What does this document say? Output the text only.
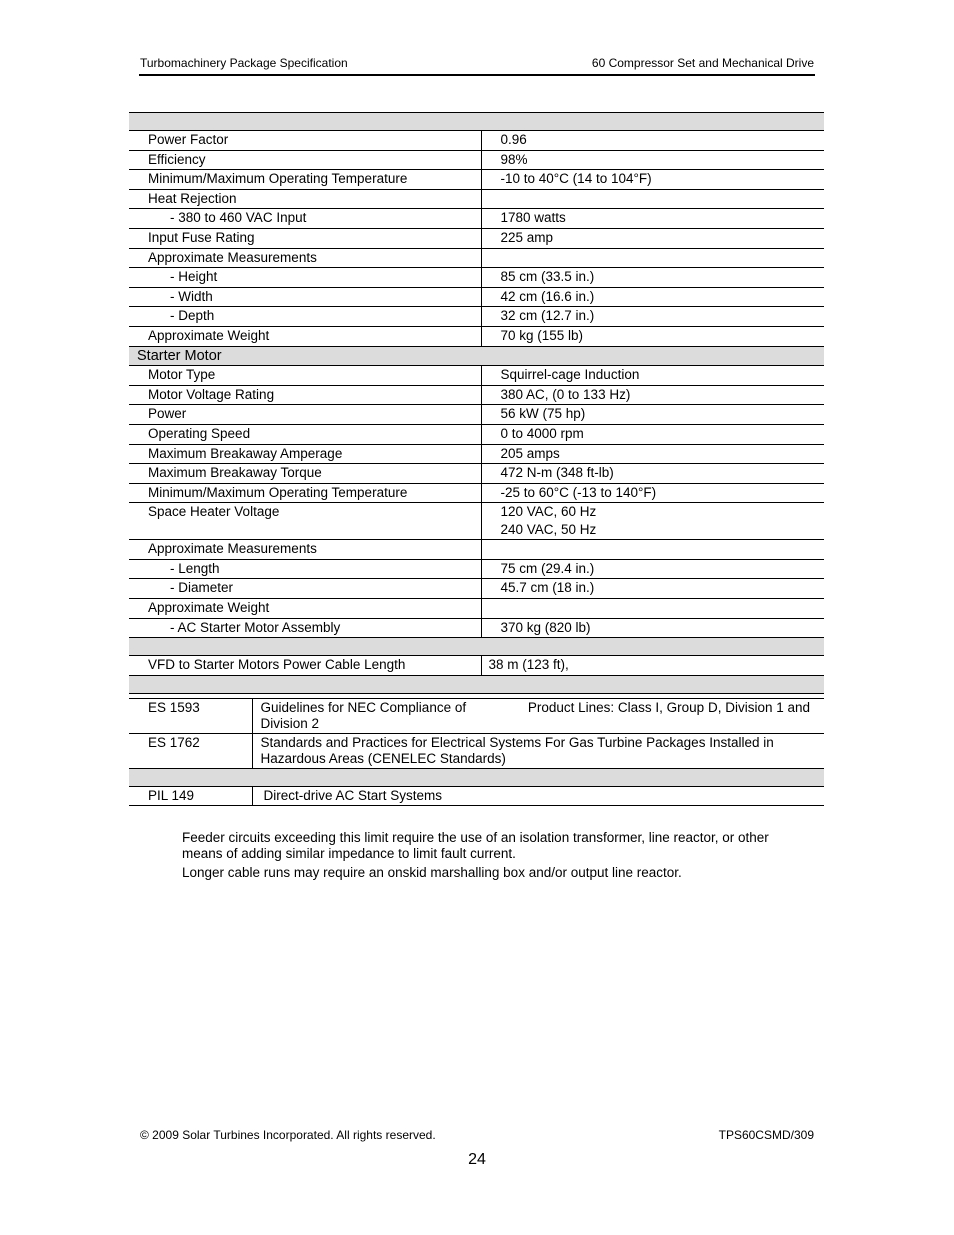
Turbomachinery Package Specification	60 Compressor Set and Mechanical Drive

Power Factor	0.96
Efficiency	98%
Minimum/Maximum Operating Temperature	-10 to 40°C (14 to 104°F)
Heat Rejection	
- 380 to 460 VAC Input	1780 watts
Input Fuse Rating	225 amp
Approximate Measurements	
- Height	85 cm (33.5 in.)
- Width	42 cm (16.6 in.)
- Depth	32 cm (12.7 in.)
Approximate Weight	70 kg (155 lb)
Starter Motor	
Motor Type	Squirrel-cage Induction
Motor Voltage Rating	380 AC, (0 to 133 Hz)
Power	56 kW (75 hp)
Operating Speed	0 to 4000 rpm
Maximum Breakaway Amperage	205 amps
Maximum Breakaway Torque	472 N-m (348 ft-lb)
Minimum/Maximum Operating Temperature	-25 to 60°C (-13 to 140°F)
Space Heater Voltage	120 VAC, 60 Hz
240 VAC, 50 Hz

Approximate Measurements	
- Length	75 cm (29.4 in.)
- Diameter	45.7 cm (18 in.)
Approximate Weight	
- AC Starter Motor Assembly	370 kg (820 lb)

VFD to Starter Motors Power Cable Length	38 m (123 ft),

ES 1593	Guidelines for NEC Compliance of Product Lines: Class I, Group D, Division 1 and
Division 2

ES 1762	Standards and Practices for Electrical Systems For Gas Turbine Packages Installed in
Hazardous Areas (CENELEC Standards)

PIL 149	Direct-drive AC Start Systems

Feeder circuits exceeding this limit require the use of an isolation transformer, line reactor, or other means of adding similar impedance to limit fault current.

Longer cable runs may require an onskid marshalling box and/or output line reactor.

© 2009 Solar Turbines Incorporated. All rights reserved.	TPS60CSMD/309
24
